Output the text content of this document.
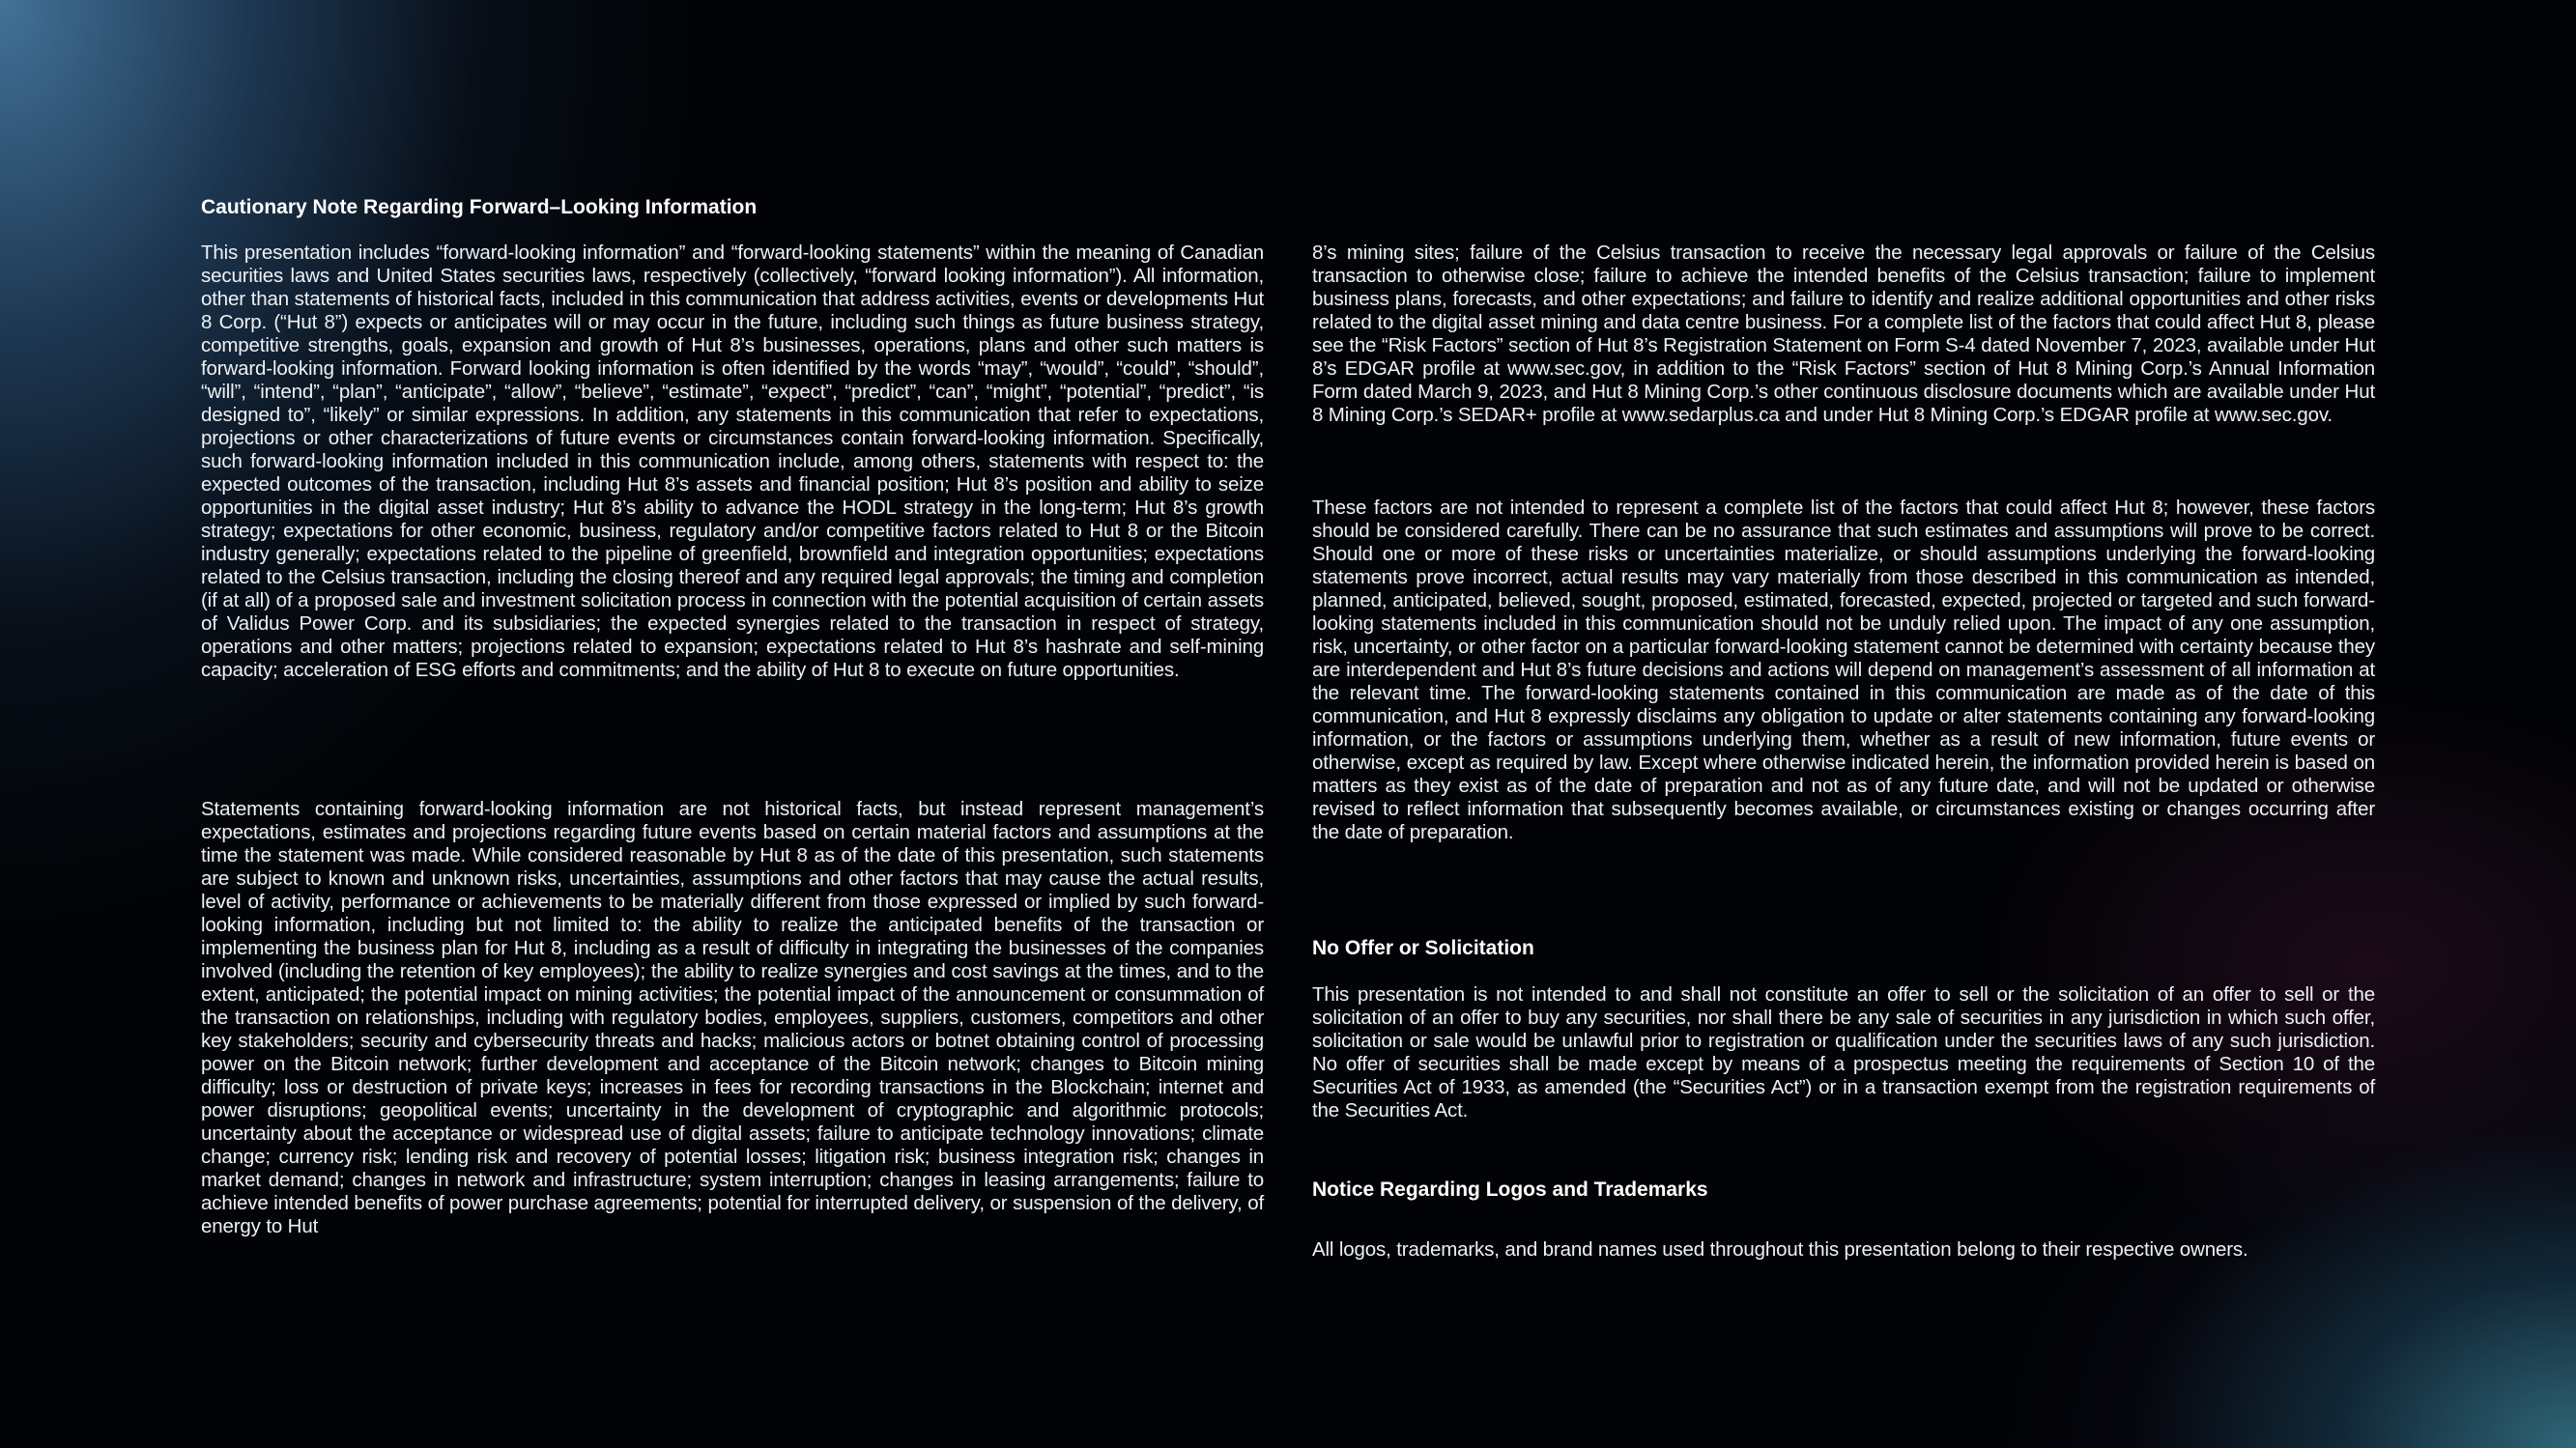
Cautionary Note Regarding Forward–Looking Information

This presentation includes “forward-looking information” and “forward-looking statements” within the meaning of Canadian securities laws and United States securities laws, respectively (collectively, “forward looking information”). All information, other than statements of historical facts, included in this communication that address activities, events or developments Hut 8 Corp. (“Hut 8”) expects or anticipates will or may occur in the future, including such things as future business strategy, competitive strengths, goals, expansion and growth of Hut 8’s businesses, operations, plans and other such matters is forward-looking information. Forward looking information is often identified by the words “may”, “would”, “could”, “should”, “will”, “intend”, “plan”, “anticipate”, “allow”, “believe”, “estimate”, “expect”, “predict”, “can”, “might”, “potential”, “predict”, “is designed to”, “likely” or similar expressions. In addition, any statements in this communication that refer to expectations, projections or other characterizations of future events or circumstances contain forward-looking information. Specifically, such forward-looking information included in this communication include, among others, statements with respect to: the expected outcomes of the transaction, including Hut 8’s assets and financial position; Hut 8’s position and ability to seize opportunities in the digital asset industry; Hut 8’s ability to advance the HODL strategy in the long-term; Hut 8’s growth strategy; expectations for other economic, business, regulatory and/or competitive factors related to Hut 8 or the Bitcoin industry generally; expectations related to the pipeline of greenfield, brownfield and integration opportunities; expectations related to the Celsius transaction, including the closing thereof and any required legal approvals; the timing and completion (if at all) of a proposed sale and investment solicitation process in connection with the potential acquisition of certain assets of Validus Power Corp. and its subsidiaries; the expected synergies related to the transaction in respect of strategy, operations and other matters; projections related to expansion; expectations related to Hut 8’s hashrate and self-mining capacity; acceleration of ESG efforts and commitments; and the ability of Hut 8 to execute on future opportunities.

Statements containing forward-looking information are not historical facts, but instead represent management’s expectations, estimates and projections regarding future events based on certain material factors and assumptions at the time the statement was made. While considered reasonable by Hut 8 as of the date of this presentation, such statements are subject to known and unknown risks, uncertainties, assumptions and other factors that may cause the actual results, level of activity, performance or achievements to be materially different from those expressed or implied by such forward-looking information, including but not limited to: the ability to realize the anticipated benefits of the transaction or implementing the business plan for Hut 8, including as a result of difficulty in integrating the businesses of the companies involved (including the retention of key employees); the ability to realize synergies and cost savings at the times, and to the extent, anticipated; the potential impact on mining activities; the potential impact of the announcement or consummation of the transaction on relationships, including with regulatory bodies, employees, suppliers, customers, competitors and other key stakeholders; security and cybersecurity threats and hacks; malicious actors or botnet obtaining control of processing power on the Bitcoin network; further development and acceptance of the Bitcoin network; changes to Bitcoin mining difficulty; loss or destruction of private keys; increases in fees for recording transactions in the Blockchain; internet and power disruptions; geopolitical events; uncertainty in the development of cryptographic and algorithmic protocols; uncertainty about the acceptance or widespread use of digital assets; failure to anticipate technology innovations; climate change; currency risk; lending risk and recovery of potential losses; litigation risk; business integration risk; changes in market demand; changes in network and infrastructure; system interruption; changes in leasing arrangements; failure to achieve intended benefits of power purchase agreements; potential for interrupted delivery, or suspension of the delivery, of energy to Hut

8’s mining sites; failure of the Celsius transaction to receive the necessary legal approvals or failure of the Celsius transaction to otherwise close; failure to achieve the intended benefits of the Celsius transaction; failure to implement business plans, forecasts, and other expectations; and failure to identify and realize additional opportunities and other risks related to the digital asset mining and data centre business. For a complete list of the factors that could affect Hut 8, please see the “Risk Factors” section of Hut 8’s Registration Statement on Form S-4 dated November 7, 2023, available under Hut 8’s EDGAR profile at www.sec.gov, in addition to the “Risk Factors” section of Hut 8 Mining Corp.’s Annual Information Form dated March 9, 2023, and Hut 8 Mining Corp.’s other continuous disclosure documents which are available under Hut 8 Mining Corp.’s SEDAR+ profile at www.sedarplus.ca and under Hut 8 Mining Corp.’s EDGAR profile at www.sec.gov.

These factors are not intended to represent a complete list of the factors that could affect Hut 8; however, these factors should be considered carefully. There can be no assurance that such estimates and assumptions will prove to be correct. Should one or more of these risks or uncertainties materialize, or should assumptions underlying the forward-looking statements prove incorrect, actual results may vary materially from those described in this communication as intended, planned, anticipated, believed, sought, proposed, estimated, forecasted, expected, projected or targeted and such forward-looking statements included in this communication should not be unduly relied upon. The impact of any one assumption, risk, uncertainty, or other factor on a particular forward-looking statement cannot be determined with certainty because they are interdependent and Hut 8’s future decisions and actions will depend on management’s assessment of all information at the relevant time. The forward-looking statements contained in this communication are made as of the date of this communication, and Hut 8 expressly disclaims any obligation to update or alter statements containing any forward-looking information, or the factors or assumptions underlying them, whether as a result of new information, future events or otherwise, except as required by law. Except where otherwise indicated herein, the information provided herein is based on matters as they exist as of the date of preparation and not as of any future date, and will not be updated or otherwise revised to reflect information that subsequently becomes available, or circumstances existing or changes occurring after the date of preparation.

No Offer or Solicitation

This presentation is not intended to and shall not constitute an offer to sell or the solicitation of an offer to sell or the solicitation of an offer to buy any securities, nor shall there be any sale of securities in any jurisdiction in which such offer, solicitation or sale would be unlawful prior to registration or qualification under the securities laws of any such jurisdiction. No offer of securities shall be made except by means of a prospectus meeting the requirements of Section 10 of the Securities Act of 1933, as amended (the “Securities Act”) or in a transaction exempt from the registration requirements of the Securities Act.

Notice Regarding Logos and Trademarks

All logos, trademarks, and brand names used throughout this presentation belong to their respective owners.
